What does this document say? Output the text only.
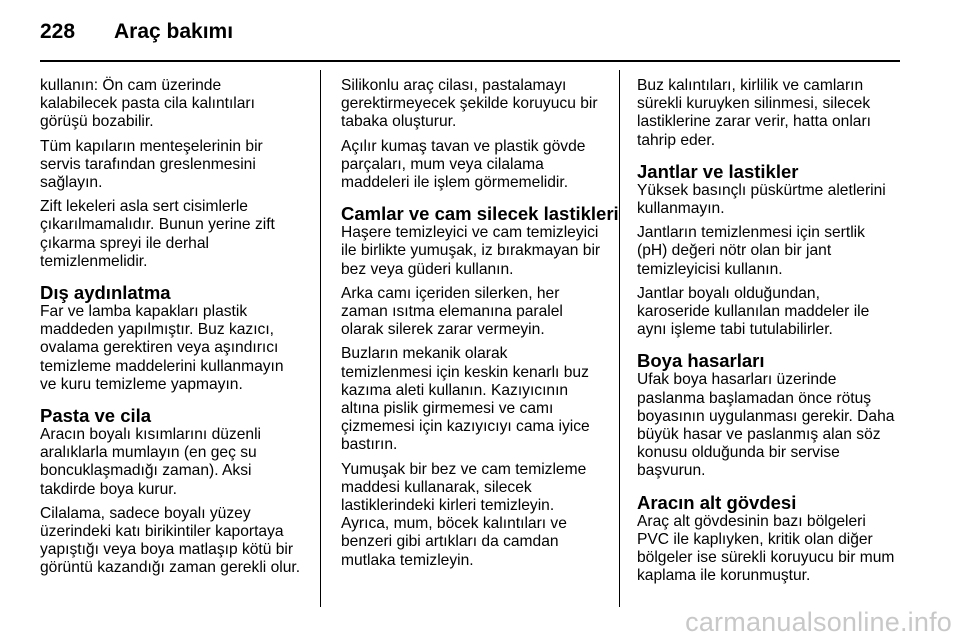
228	Araç bakımı
kullanın: Ön cam üzerinde
kalabilecek pasta cila kalıntıları
görüşü bozabilir.
Tüm kapıların menteşelerinin bir
servis tarafından greslenmesini
sağlayın.
Zift lekeleri asla sert cisimlerle
çıkarılmamalıdır. Bunun yerine zift
çıkarma spreyi ile derhal
temizlenmelidir.
Dış aydınlatma
Far ve lamba kapakları plastik
maddeden yapılmıştır. Buz kazıcı,
ovalama gerektiren veya aşındırıcı
temizleme maddelerini kullanmayın
ve kuru temizleme yapmayın.
Pasta ve cila
Aracın boyalı kısımlarını düzenli
aralıklarla mumlayın (en geç su
boncuklaşmadığı zaman). Aksi
takdirde boya kurur.
Cilalama, sadece boyalı yüzey
üzerindeki katı birikintiler kaportaya
yapıştığı veya boya matlaşıp kötü bir
görüntü kazandığı zaman gerekli olur.
Silikonlu araç cilası, pastalamayı
gerektirmeyecek şekilde koruyucu bir
tabaka oluşturur.
Açılır kumaş tavan ve plastik gövde
parçaları, mum veya cilalama
maddeleri ile işlem görmemelidir.
Camlar ve cam silecek lastikleri
Haşere temizleyici ve cam temizleyici
ile birlikte yumuşak, iz bırakmayan bir
bez veya güderi kullanın.
Arka camı içeriden silerken, her
zaman ısıtma elemanına paralel
olarak silerek zarar vermeyin.
Buzların mekanik olarak
temizlenmesi için keskin kenarlı buz
kazıma aleti kullanın. Kazıyıcının
altına pislik girmemesi ve camı
çizmemesi için kazıyıcıyı cama iyice
bastırın.
Yumuşak bir bez ve cam temizleme
maddesi kullanarak, silecek
lastiklerindeki kirleri temizleyin.
Ayrıca, mum, böcek kalıntıları ve
benzeri gibi artıkları da camdan
mutlaka temizleyin.
Buz kalıntıları, kirlilik ve camların
sürekli kuruyken silinmesi, silecek
lastiklerine zarar verir, hatta onları
tahrip eder.
Jantlar ve lastikler
Yüksek basınçlı püskürtme aletlerini
kullanmayın.
Jantların temizlenmesi için sertlik
(pH) değeri nötr olan bir jant
temizleyicisi kullanın.
Jantlar boyalı olduğundan,
karoseride kullanılan maddeler ile
aynı işleme tabi tutulabilirler.
Boya hasarları
Ufak boya hasarları üzerinde
paslanma başlamadan önce rötuş
boyasının uygulanması gerekir. Daha
büyük hasar ve paslanmış alan söz
konusu olduğunda bir servise
başvurun.
Aracın alt gövdesi
Araç alt gövdesinin bazı bölgeleri
PVC ile kaplıyken, kritik olan diğer
bölgeler ise sürekli koruyucu bir mum
kaplama ile korunmuştur.
carmanualsonline.info
